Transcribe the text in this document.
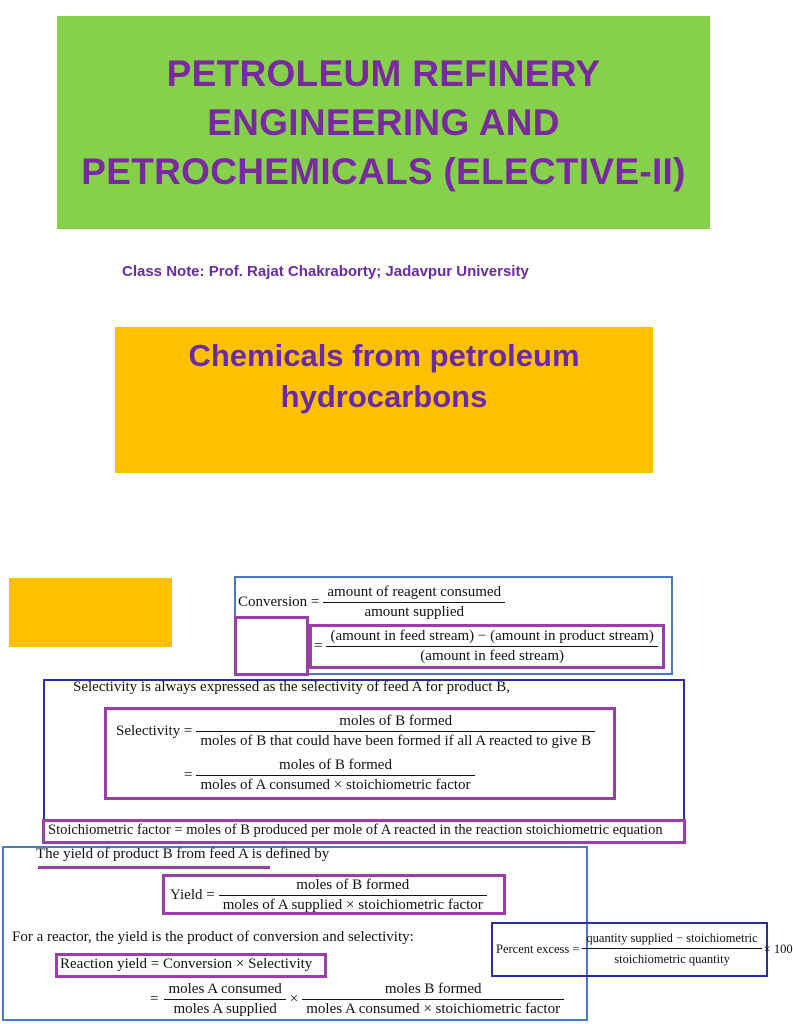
PETROLEUM REFINERY ENGINEERING AND PETROCHEMICALS (ELECTIVE-II)
Class Note: Prof. Rajat Chakraborty; Jadavpur University
Chemicals from petroleum
hydrocarbons
Conversion = $\frac{\text{amount of reagent consumed}}{\text{amount supplied}}$
= $\frac{\text{(amount in feed stream) − (amount in product stream)}}{\text{(amount in feed stream)}}$
Selectivity is always expressed as the selectivity of feed A for product B,
Selectivity =
moles of B formed
moles of B that could have been formed if all A reacted to give B
= $\frac{\text{moles of B formed}}{\text{moles of A consumed × stoichiometric factor}}$
Stoichiometric factor = moles of B produced per mole of A reacted in the reaction stoichiometric equation
The yield of product B from feed A is defined by
Yield = $\frac{\text{moles of B formed}}{\text{moles of A supplied × stoichiometric factor}}$
For a reactor, the yield is the product of conversion and selectivity:
Reaction yield = Conversion × Selectivity
= $\frac{\text{moles A consumed}}{\text{moles A supplied}} \times \frac{\text{moles B formed}}{\text{moles A consumed × stoichiometric factor}}$
Percent excess = $\frac{\text{quantity supplied − stoichiometric}}{\text{stoichiometric quantity}} \times 100$
